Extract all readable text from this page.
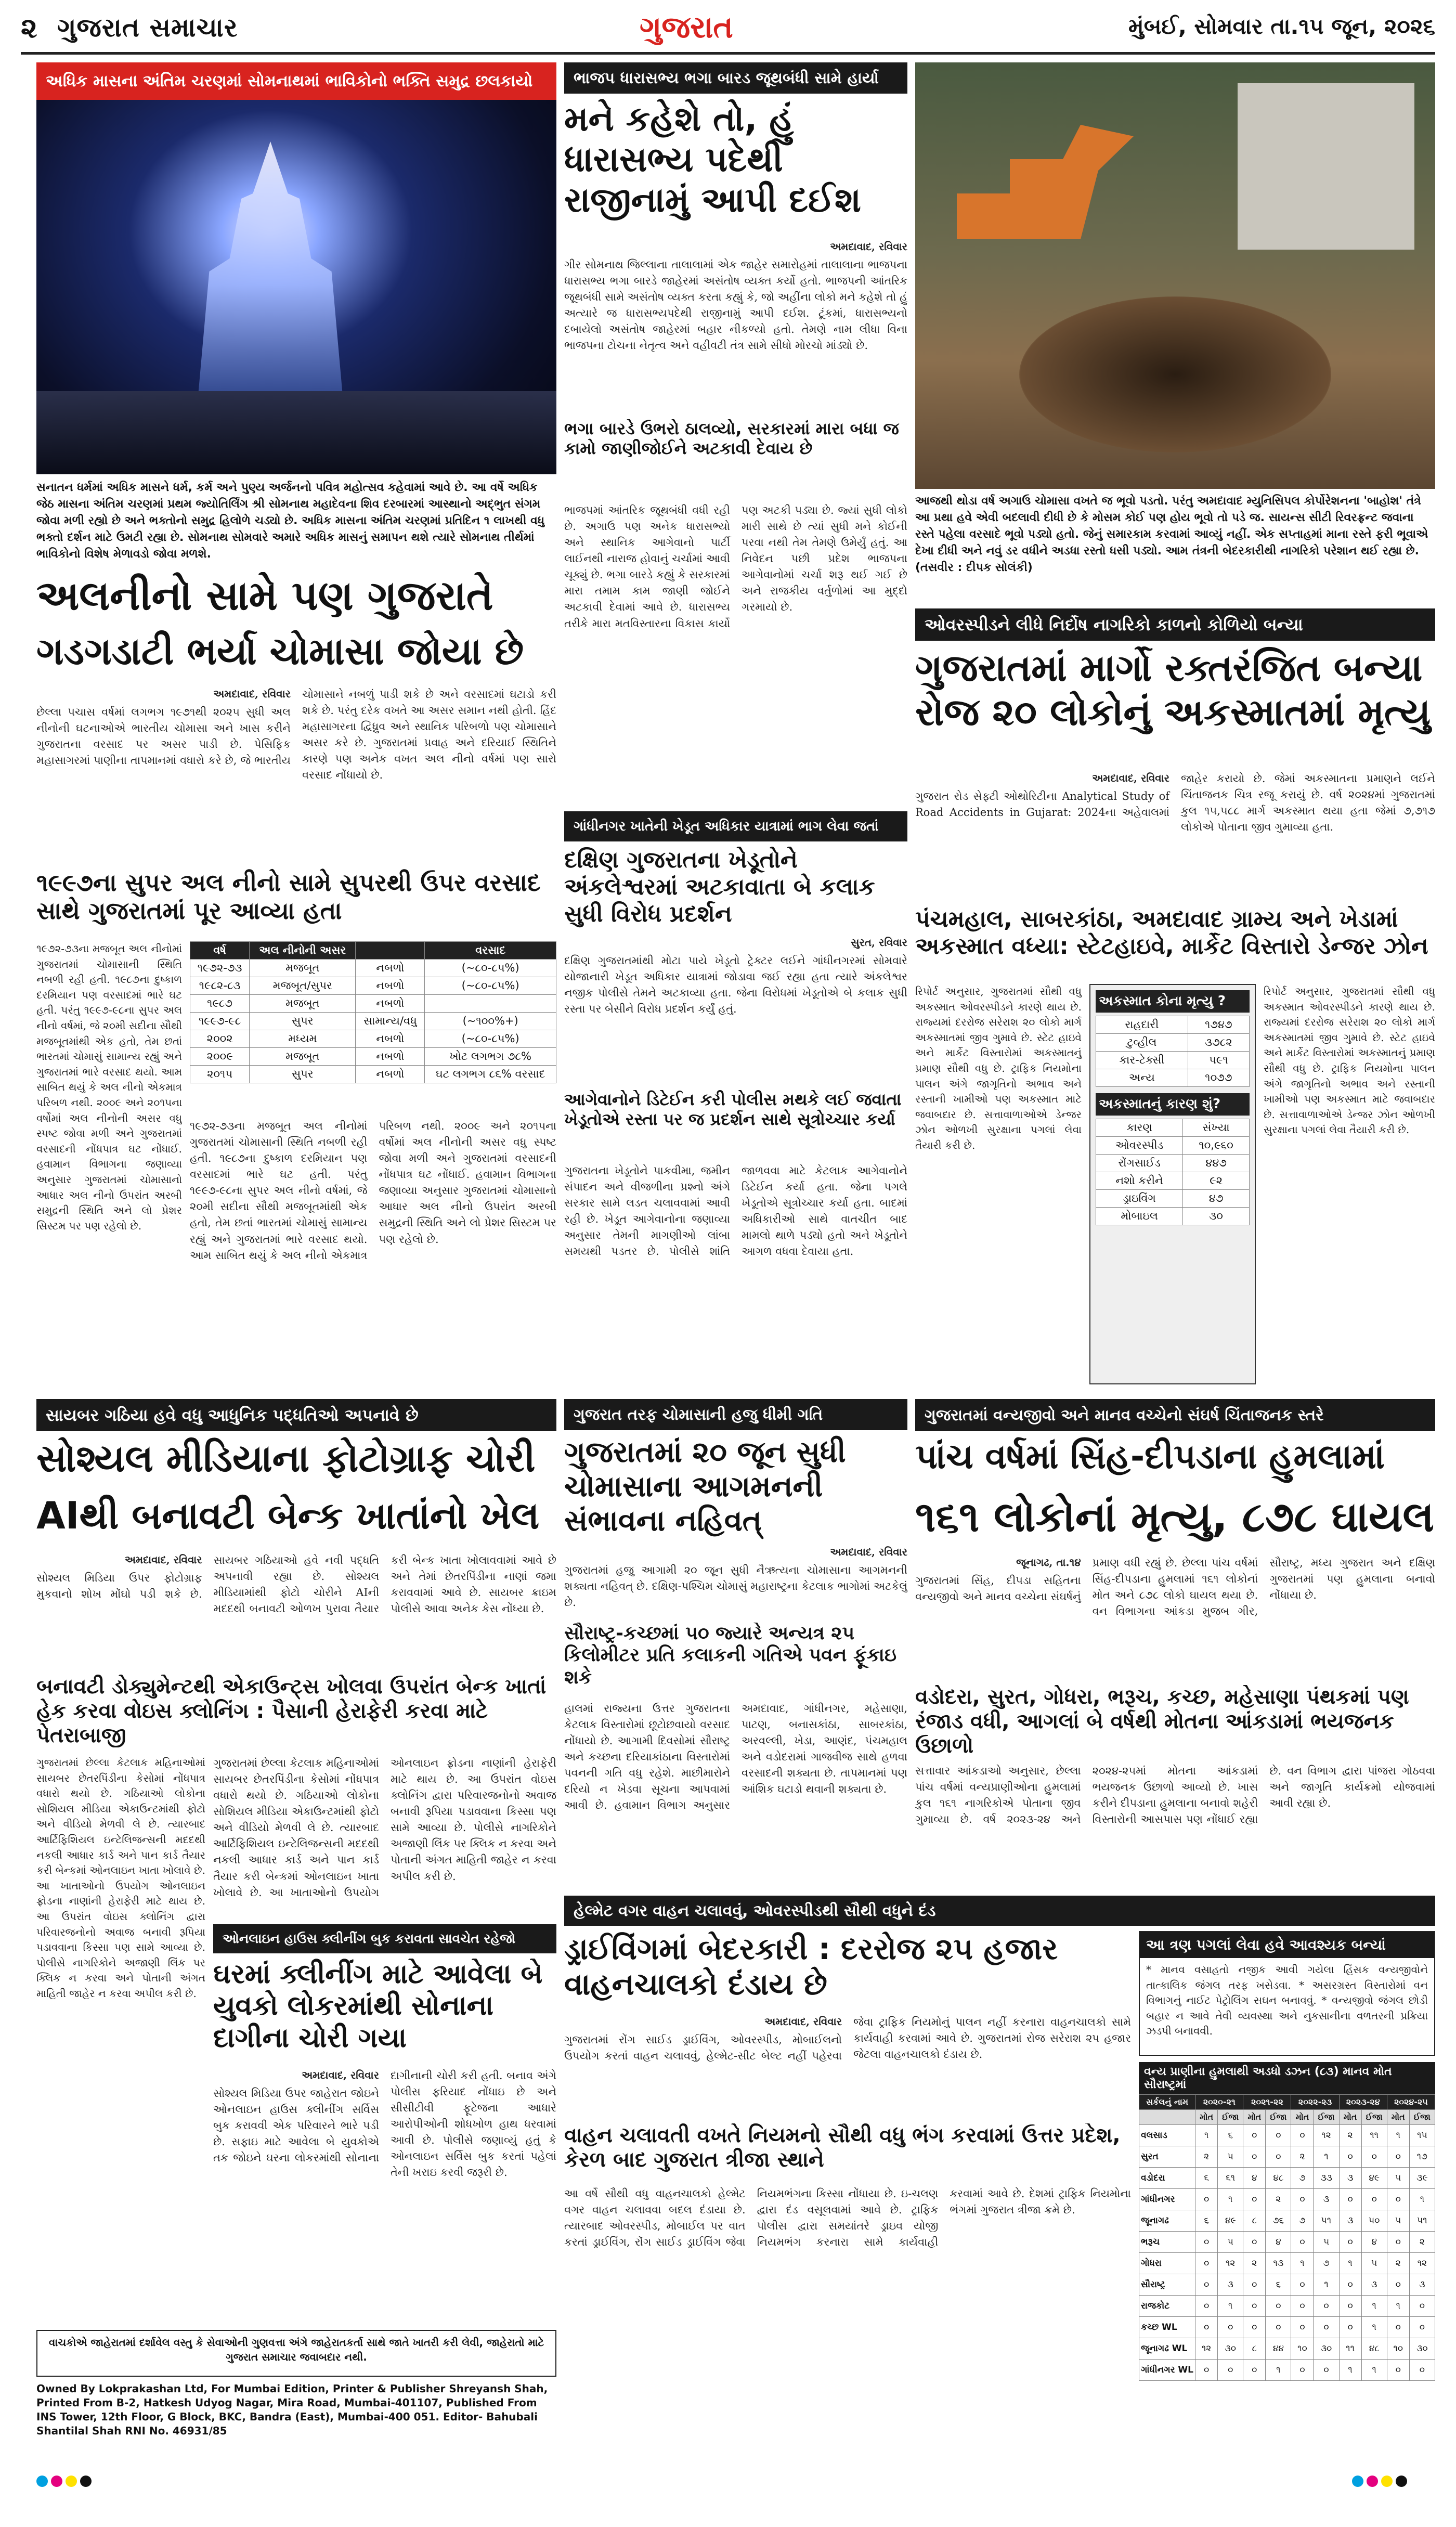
૨ ગુજરાત સમાચાર	ગુજરાત	મુંબઈ, સોમવાર તા.૧૫ જૂન, ૨૦૨૬
અધિક માસના અંતિમ ચરણમાં સોમનાથમાં ભાવિકોનો ભક્તિ સમુદ્ર છલકાયો
સનાતન ધર્મમાં અધિક માસને ધર્મ, કર્મ અને પુણ્ય અર્જનનો પવિત્ર મહોત્સવ કહેવામાં આવે છે. આ વર્ષે અધિક જેઠ માસના અંતિમ ચરણમાં પ્રથમ જ્યોતિર્લિંગ શ્રી સોમનાથ મહાદેવના શિવ દરબારમાં આસ્થાનો અદ્ભુત સંગમ જોવા મળી રહ્યો છે અને ભક્તોનો સમુદ્ર હિલોળે ચડ્યો છે. અધિક માસના અંતિમ ચરણમાં પ્રતિદિન ૧ લાખથી વધુ ભક્તો દર્શન માટે ઉમટી રહ્યા છે. સોમનાથ સોમવારે અમારે અધિક માસનું સમાપન થશે ત્યારે સોમનાથ તીર્થમાં ભાવિકોનો વિશેષ મેળાવડો જોવા મળશે.
ભાજપ ધારાસભ્ય ભગા બારડ જૂથબંધી સામે હાર્યા
મને કહેશે તો, હું ધારાસભ્ય પદેથી રાજીનામું આપી દઈશ
અમદાવાદ, રવિવાર
ગીર સોમનાથ જિલ્લાના તાલાલામાં એક જાહેર સમારોહમાં તાલાલાના ભાજપના ધારાસભ્ય ભગા બારડે જાહેરમાં અસંતોષ વ્યક્ત કર્યો હતો. ભાજપની આંતરિક જૂથબંધી સામે અસંતોષ વ્યક્ત કરતા કહ્યું કે, જો અહીંના લોકો મને કહેશે તો હું અત્યારે જ ધારાસભ્યપદેથી રાજીનામું આપી દઈશ. ટૂંકમાં, ધારાસભ્યનો દબાયેલો અસંતોષ જાહેરમાં બહાર નીકળ્યો હતો. તેમણે નામ લીધા વિના ભાજપના ટોચના નેતૃત્વ અને વહીવટી તંત્ર સામે સીધો મોરચો માંડ્યો છે.
ભગા બારડે ઉભરો ઠાલવ્યો, સરકારમાં મારા બધા જ કામો જાણીજોઈને અટકાવી દેવાય છે
ભાજપમાં આંતરિક જૂથબંધી વધી રહી છે. અગાઉ પણ અનેક ધારાસભ્યો અને સ્થાનિક આગેવાનો પાર્ટી લાઈનથી નારાજ હોવાનું ચર્ચામાં આવી ચૂક્યું છે. ભગા બારડે કહ્યું કે સરકારમાં મારા તમામ કામ જાણી જોઈને અટકાવી દેવામાં આવે છે. ધારાસભ્ય તરીકે મારા મતવિસ્તારના વિકાસ કાર્યો પણ અટકી પડ્યા છે. જ્યાં સુધી લોકો મારી સાથે છે ત્યાં સુધી મને કોઈની પરવા નથી તેમ તેમણે ઉમેર્યું હતું. આ નિવેદન પછી પ્રદેશ ભાજપના આગેવાનોમાં ચર્ચા શરૂ થઈ ગઈ છે અને રાજકીય વર્તુળોમાં આ મુદ્દો ગરમાયો છે.
આજથી થોડા વર્ષ અગાઉ ચોમાસા વખતે જ ભૂવો પડતો. પરંતુ અમદાવાદ મ્યુનિસિપલ કોર્પોરેશનના 'બાહોશ' તંત્રે આ પ્રથા હવે એવી બદલાવી દીધી છે કે મોસમ કોઈ પણ હોય ભૂવો તો પડે જ. સાયન્સ સીટી રિવરફ્રન્ટ જવાના રસ્તે પહેલા વરસાદે ભૂવો પડ્યો હતો. જેનું સમારકામ કરવામાં આવ્યું નહીં. એક સપ્તાહમાં માના રસ્તે ફરી ભૂવાએ દેખા દીધી અને નવું ડર વધીને અડધા રસ્તો ધસી પડ્યો. આમ તંત્રની બેદરકારીથી નાગરિકો પરેશાન થઈ રહ્યા છે. (તસવીર : દીપક સોલંકી)
અલનીનો સામે પણ ગુજરાતે
ગડગડાટી ભર્યા ચોમાસા જોયા છે
અમદાવાદ, રવિવાર
છેલ્લા પચાસ વર્ષમાં લગભગ ૧૯૭૧થી ૨૦૨૫ સુધી અલ નીનોની ઘટનાઓએ ભારતીય ચોમાસા અને ખાસ કરીને ગુજરાતના વરસાદ પર અસર પાડી છે. પેસિફિક મહાસાગરમાં પાણીના તાપમાનમાં વધારો કરે છે, જે ભારતીય ચોમાસાને નબળું પાડી શકે છે અને વરસાદમાં ઘટાડો કરી શકે છે. પરંતુ દરેક વખતે આ અસર સમાન નથી હોતી. હિંદ મહાસાગરના દ્વિધ્રુવ અને સ્થાનિક પરિબળો પણ ચોમાસાને અસર કરે છે. ગુજરાતમાં પ્રવાહ અને દરિયાઈ સ્થિતિને કારણે પણ અનેક વખત અલ નીનો વર્ષમાં પણ સારો વરસાદ નોંધાયો છે.
૧૯૯૭ના સુપર અલ નીનો સામે સુપરથી ઉપર વરસાદ સાથે ગુજરાતમાં પૂર આવ્યા હતા
૧૯૭૨-૭૩ના મજબૂત અલ નીનોમાં ગુજરાતમાં ચોમાસાની સ્થિતિ નબળી રહી હતી. ૧૯૮૭ના દુષ્કાળ દરમિયાન પણ વરસાદમાં ભારે ઘટ હતી. પરંતુ ૧૯૯૭-૯૮ના સુપર અલ નીનો વર્ષમાં, જે ૨૦મી સદીના સૌથી મજબૂતમાંથી એક હતો, તેમ છતાં ભારતમાં ચોમાસું સામાન્ય રહ્યું અને ગુજરાતમાં ભારે વરસાદ થયો. આમ સાબિત થયું કે અલ નીનો એકમાત્ર પરિબળ નથી. ૨૦૦૯ અને ૨૦૧૫ના વર્ષોમાં અલ નીનોની અસર વધુ સ્પષ્ટ જોવા મળી અને ગુજરાતમાં વરસાદની નોંધપાત્ર ઘટ નોંધાઈ. હવામાન વિભાગના જણાવ્યા અનુસાર ગુજરાતમાં ચોમાસાનો આધાર અલ નીનો ઉપરાંત અરબી સમુદ્રની સ્થિતિ અને લો પ્રેશર સિસ્ટમ પર પણ રહેલો છે.
વર્ષ	અલ નીનોની અસર		વરસાદ
૧૯૭૨-૭૩	મજબૂત	નબળો	(~૮૦-૮૫%)
૧૯૮૨-૮૩	મજબૂત/સુપર	નબળો	(~૮૦-૮૫%)
૧૯૮૭	મજબૂત	નબળો	
૧૯૯૭-૯૮	સુપર	સામાન્ય/વધુ	(~૧૦૦%+)
૨૦૦૨	મધ્યમ	નબળો	(~૮૦-૮૫%)
૨૦૦૯	મજબૂત	નબળો	ખોટ લગભગ ૭૮%
૨૦૧૫	સુપર	નબળો	ઘટ લગભગ ૮૬% વરસાદ
૧૯૭૨-૭૩ના મજબૂત અલ નીનોમાં ગુજરાતમાં ચોમાસાની સ્થિતિ નબળી રહી હતી. ૧૯૮૭ના દુષ્કાળ દરમિયાન પણ વરસાદમાં ભારે ઘટ હતી. પરંતુ ૧૯૯૭-૯૮ના સુપર અલ નીનો વર્ષમાં, જે ૨૦મી સદીના સૌથી મજબૂતમાંથી એક હતો, તેમ છતાં ભારતમાં ચોમાસું સામાન્ય રહ્યું અને ગુજરાતમાં ભારે વરસાદ થયો. આમ સાબિત થયું કે અલ નીનો એકમાત્ર પરિબળ નથી. ૨૦૦૯ અને ૨૦૧૫ના વર્ષોમાં અલ નીનોની અસર વધુ સ્પષ્ટ જોવા મળી અને ગુજરાતમાં વરસાદની નોંધપાત્ર ઘટ નોંધાઈ. હવામાન વિભાગના જણાવ્યા અનુસાર ગુજરાતમાં ચોમાસાનો આધાર અલ નીનો ઉપરાંત અરબી સમુદ્રની સ્થિતિ અને લો પ્રેશર સિસ્ટમ પર પણ રહેલો છે.
સાયબર ગઠિયા હવે વધુ આધુનિક પદ્ધતિઓ અપનાવે છે
સોશ્યલ મીડિયાના ફોટોગ્રાફ ચોરી
AIથી બનાવટી બેન્ક ખાતાંનો ખેલ
અમદાવાદ, રવિવાર
સોશ્યલ મિડિયા ઉપર ફોટોગ્રાફ મુકવાનો શોખ મોંઘો પડી શકે છે. સાયબર ગઠિયાઓ હવે નવી પદ્ધતિ અપનાવી રહ્યા છે. સોશ્યલ મીડિયામાંથી ફોટો ચોરીને AIની મદદથી બનાવટી ઓળખ પુરાવા તૈયાર કરી બેન્ક ખાતા ખોલાવવામાં આવે છે અને તેમાં છેતરપિંડીના નાણાં જમા કરાવવામાં આવે છે. સાયબર ક્રાઇમ પોલીસે આવા અનેક કેસ નોંધ્યા છે.
બનાવટી ડોક્યુમેન્ટથી એકાઉન્ટ્સ ખોલવા ઉપરાંત બેન્ક ખાતાં હેક કરવા વોઇસ ક્લોનિંગ : પૈસાની હેરાફેરી કરવા માટે પેતરાબાજી
ગુજરાતમાં છેલ્લા કેટલાક મહિનાઓમાં સાયબર છેતરપિંડીના કેસોમાં નોંધપાત્ર વધારો થયો છે. ગઠિયાઓ લોકોના સોશિયલ મીડિયા એકાઉન્ટમાંથી ફોટો અને વીડિયો મેળવી લે છે. ત્યારબાદ આર્ટિફિશિયલ ઇન્ટેલિજન્સની મદદથી નકલી આધાર કાર્ડ અને પાન કાર્ડ તૈયાર કરી બેન્કમાં ઓનલાઇન ખાતા ખોલાવે છે. આ ખાતાઓનો ઉપયોગ ઓનલાઇન ફ્રોડના નાણાંની હેરાફેરી માટે થાય છે. આ ઉપરાંત વોઇસ ક્લોનિંગ દ્વારા પરિવારજનોનો અવાજ બનાવી રૂપિયા પડાવવાના કિસ્સા પણ સામે આવ્યા છે. પોલીસે નાગરિકોને અજાણી લિંક પર ક્લિક ન કરવા અને પોતાની અંગત માહિતી જાહેર ન કરવા અપીલ કરી છે.
ગુજરાતમાં છેલ્લા કેટલાક મહિનાઓમાં સાયબર છેતરપિંડીના કેસોમાં નોંધપાત્ર વધારો થયો છે. ગઠિયાઓ લોકોના સોશિયલ મીડિયા એકાઉન્ટમાંથી ફોટો અને વીડિયો મેળવી લે છે. ત્યારબાદ આર્ટિફિશિયલ ઇન્ટેલિજન્સની મદદથી નકલી આધાર કાર્ડ અને પાન કાર્ડ તૈયાર કરી બેન્કમાં ઓનલાઇન ખાતા ખોલાવે છે. આ ખાતાઓનો ઉપયોગ ઓનલાઇન ફ્રોડના નાણાંની હેરાફેરી માટે થાય છે. આ ઉપરાંત વોઇસ ક્લોનિંગ દ્વારા પરિવારજનોનો અવાજ બનાવી રૂપિયા પડાવવાના કિસ્સા પણ સામે આવ્યા છે. પોલીસે નાગરિકોને અજાણી લિંક પર ક્લિક ન કરવા અને પોતાની અંગત માહિતી જાહેર ન કરવા અપીલ કરી છે.
ઓનલાઇન હાઉસ ક્લીનીંગ બુક કરાવતા સાવચેત રહેજો
ઘરમાં ક્લીનીંગ માટે આવેલા બે યુવકો લોકરમાંથી સોનાના દાગીના ચોરી ગયા
અમદાવાદ, રવિવાર
સોશ્યલ મિડિયા ઉપર જાહેરાત જોઇને ઓનલાઇન હાઉસ ક્લીનીંગ સર્વિસ બુક કરાવવી એક પરિવારને ભારે પડી છે. સફાઇ માટે આવેલા બે યુવકોએ તક જોઇને ઘરના લોકરમાંથી સોનાના દાગીનાની ચોરી કરી હતી. બનાવ અંગે પોલીસ ફરિયાદ નોંધાઇ છે અને સીસીટીવી ફૂટેજના આધારે આરોપીઓની શોધખોળ હાથ ધરવામાં આવી છે. પોલીસે જણાવ્યું હતું કે ઓનલાઇન સર્વિસ બુક કરતાં પહેલાં તેની ખરાઇ કરવી જરૂરી છે.
વાચકોએ જાહેરાતમાં દર્શાવેલ વસ્તુ કે સેવાઓની ગુણવત્તા અંગે જાહેરાતકર્તા સાથે જાતે ખાતરી કરી લેવી, જાહેરાતો માટે ગુજરાત સમાચાર જવાબદાર નથી.
Owned By Lokprakashan Ltd, For Mumbai Edition, Printer & Publisher Shreyansh Shah, Printed From B-2, Hatkesh Udyog Nagar, Mira Road, Mumbai-401107, Published From INS Tower, 12th Floor, G Block, BKC, Bandra (East), Mumbai-400 051. Editor- Bahubali Shantilal Shah RNI No. 46931/85
ગાંધીનગર ખાતેની ખેડૂત અધિકાર યાત્રામાં ભાગ લેવા જતાં
દક્ષિણ ગુજરાતના ખેડૂતોને અંકલેશ્વરમાં અટકાવાતા બે કલાક સુધી વિરોધ પ્રદર્શન
સુરત, રવિવાર
દક્ષિણ ગુજરાતમાંથી મોટા પાયે ખેડૂતો ટ્રેક્ટર લઈને ગાંધીનગરમાં સોમવારે યોજાનારી ખેડૂત અધિકાર યાત્રામાં જોડાવા જઈ રહ્યા હતા ત્યારે અંકલેશ્વર નજીક પોલીસે તેમને અટકાવ્યા હતા. જેના વિરોધમાં ખેડૂતોએ બે કલાક સુધી રસ્તા પર બેસીને વિરોધ પ્રદર્શન કર્યું હતું.
આગેવાનોને ડિટેઈન કરી પોલીસ મથકે લઈ જવાતા ખેડૂતોએ રસ્તા પર જ પ્રદર્શન સાથે સૂત્રોચ્ચાર કર્યા
ગુજરાતના ખેડૂતોને પાકવીમા, જમીન સંપાદન અને વીજળીના પ્રશ્નો અંગે સરકાર સામે લડત ચલાવવામાં આવી રહી છે. ખેડૂત આગેવાનોના જણાવ્યા અનુસાર તેમની માગણીઓ લાંબા સમયથી પડતર છે. પોલીસે શાંતિ જાળવવા માટે કેટલાક આગેવાનોને ડિટેઈન કર્યા હતા. જેના પગલે ખેડૂતોએ સૂત્રોચ્ચાર કર્યા હતા. બાદમાં અધિકારીઓ સાથે વાતચીત બાદ મામલો થાળે પડ્યો હતો અને ખેડૂતોને આગળ વધવા દેવાયા હતા.
ગુજરાત તરફ ચોમાસાની હજુ ધીમી ગતિ
ગુજરાતમાં ૨૦ જૂન સુધી ચોમાસાના આગમનની સંભાવના નહિવત્
અમદાવાદ, રવિવાર
ગુજરાતમાં હજુ આગામી ૨૦ જૂન સુધી નૈઋત્યના ચોમાસાના આગમનની શક્યતા નહિવત્ છે. દક્ષિણ-પશ્ચિમ ચોમાસું મહારાષ્ટ્રના કેટલાક ભાગોમાં અટકેલું છે.
સૌરાષ્ટ્ર-કચ્છમાં ૫૦ જ્યારે અન્યત્ર ૨૫ કિલોમીટર પ્રતિ કલાકની ગતિએ પવન ફૂંકાઇ શકે
હાલમાં રાજ્યના ઉત્તર ગુજરાતના કેટલાક વિસ્તારોમાં છૂટોછવાયો વરસાદ નોંધાયો છે. આગામી દિવસોમાં સૌરાષ્ટ્ર અને કચ્છના દરિયાકાંઠાના વિસ્તારોમાં પવનની ગતિ વધુ રહેશે. માછીમારોને દરિયો ન ખેડવા સૂચના આપવામાં આવી છે. હવામાન વિભાગ અનુસાર અમદાવાદ, ગાંધીનગર, મહેસાણા, પાટણ, બનાસકાંઠા, સાબરકાંઠા, અરવલ્લી, ખેડા, આણંદ, પંચમહાલ અને વડોદરામાં ગાજવીજ સાથે હળવા વરસાદની શક્યતા છે. તાપમાનમાં પણ આંશિક ઘટાડો થવાની શક્યતા છે.
હેલ્મેટ વગર વાહન ચલાવવું, ઓવરસ્પીડથી સૌથી વધુને દંડ
ડ્રાઈવિંગમાં બેદરકારી : દરરોજ ૨૫ હજાર વાહનચાલકો દંડાય છે
અમદાવાદ, રવિવાર
ગુજરાતમાં રોંગ સાઈડ ડ્રાઈવિંગ, ઓવરસ્પીડ, મોબાઈલનો ઉપયોગ કરતાં વાહન ચલાવવું, હેલ્મેટ-સીટ બેલ્ટ નહીં પહેરવા જેવા ટ્રાફિક નિયમોનું પાલન નહીં કરનારા વાહનચાલકો સામે કાર્યવાહી કરવામાં આવે છે. ગુજરાતમાં રોજ સરેરાશ ૨૫ હજાર જેટલા વાહનચાલકો દંડાય છે.
વાહન ચલાવતી વખતે નિયમનો સૌથી વધુ ભંગ કરવામાં ઉત્તર પ્રદેશ, કેરળ બાદ ગુજરાત ત્રીજા સ્થાને
આ વર્ષે સૌથી વધુ વાહનચાલકો હેલ્મેટ વગર વાહન ચલાવવા બદલ દંડાયા છે. ત્યારબાદ ઓવરસ્પીડ, મોબાઈલ પર વાત કરતાં ડ્રાઈવિંગ, રોંગ સાઈડ ડ્રાઈવિંગ જેવા નિયમભંગના કિસ્સા નોંધાયા છે. ઇ-ચલણ દ્વારા દંડ વસૂલવામાં આવે છે. ટ્રાફિક પોલીસ દ્વારા સમયાંતરે ડ્રાઇવ યોજી નિયમભંગ કરનારા સામે કાર્યવાહી કરવામાં આવે છે. દેશમાં ટ્રાફિક નિયમોના ભંગમાં ગુજરાત ત્રીજા ક્રમે છે.
ઓવરસ્પીડને લીધે નિર્દોષ નાગરિકો કાળનો કોળિયો બન્યા
ગુજરાતમાં માર્ગો રક્તરંજિત બન્યા રોજ ૨૦ લોકોનું અકસ્માતમાં મૃત્યુ
અમદાવાદ, રવિવાર
ગુજરાત રોડ સેફ્ટી ઓથોરિટીના Analytical Study of Road Accidents in Gujarat: 2024ના અહેવાલમાં જાહેર કરાયો છે. જેમાં અકસ્માતના પ્રમાણને લઈને ચિંતાજનક ચિત્ર રજૂ કરાયું છે. વર્ષ ૨૦૨૪માં ગુજરાતમાં કુલ ૧૫,૫૮૮ માર્ગ અકસ્માત થયા હતા જેમાં ૭,૭૧૭ લોકોએ પોતાના જીવ ગુમાવ્યા હતા.
પંચમહાલ, સાબરકાંઠા, અમદાવાદ ગ્રામ્ય અને ખેડામાં અકસ્માત વધ્યા: સ્ટેટહાઇવે, માર્કેટ વિસ્તારો ડેન્જર ઝોન
રિપોર્ટ અનુસાર, ગુજરાતમાં સૌથી વધુ અકસ્માત ઓવરસ્પીડને કારણે થાય છે. રાજ્યમાં દરરોજ સરેરાશ ૨૦ લોકો માર્ગ અકસ્માતમાં જીવ ગુમાવે છે. સ્ટેટ હાઇવે અને માર્કેટ વિસ્તારોમાં અકસ્માતનું પ્રમાણ સૌથી વધુ છે. ટ્રાફિક નિયમોના પાલન અંગે જાગૃતિનો અભાવ અને રસ્તાની ખામીઓ પણ અકસ્માત માટે જવાબદાર છે. સત્તાવાળાઓએ ડેન્જર ઝોન ઓળખી સુરક્ષાના પગલાં લેવા તૈયારી કરી છે.
અકસ્માત કોના મૃત્યુ ?
રાહદારી	૧૭૪૭
ટુવ્હીલ	૩૭૮૨
કાર-ટેક્સી	૫૯૧
અન્ય	૧૦૭૭
અકસ્માતનું કારણ શું?
કારણ	સંખ્યા
ઓવરસ્પીડ	૧૦,૯૬૦
રોંગસાઈડ	૪૪૭
નશો કરીને	૯૨
ડ્રાઇવિંગ	૪૭
મોબાઇલ	૩૦
રિપોર્ટ અનુસાર, ગુજરાતમાં સૌથી વધુ અકસ્માત ઓવરસ્પીડને કારણે થાય છે. રાજ્યમાં દરરોજ સરેરાશ ૨૦ લોકો માર્ગ અકસ્માતમાં જીવ ગુમાવે છે. સ્ટેટ હાઇવે અને માર્કેટ વિસ્તારોમાં અકસ્માતનું પ્રમાણ સૌથી વધુ છે. ટ્રાફિક નિયમોના પાલન અંગે જાગૃતિનો અભાવ અને રસ્તાની ખામીઓ પણ અકસ્માત માટે જવાબદાર છે. સત્તાવાળાઓએ ડેન્જર ઝોન ઓળખી સુરક્ષાના પગલાં લેવા તૈયારી કરી છે.
ગુજરાતમાં વન્યજીવો અને માનવ વચ્ચેનો સંઘર્ષ ચિંતાજનક સ્તરે
પાંચ વર્ષમાં સિંહ-દીપડાના હુમલામાં
૧૬૧ લોકોનાં મૃત્યુ, ૮૭૮ ઘાયલ
જૂનાગઢ, તા.૧૪
ગુજરાતમાં સિંહ, દીપડા સહિતના વન્યજીવો અને માનવ વચ્ચેના સંઘર્ષનું પ્રમાણ વધી રહ્યું છે. છેલ્લા પાંચ વર્ષમાં સિંહ-દીપડાના હુમલામાં ૧૬૧ લોકોનાં મોત અને ૮૭૮ લોકો ઘાયલ થયા છે. વન વિભાગના આંકડા મુજબ ગીર, સૌરાષ્ટ્ર, મધ્ય ગુજરાત અને દક્ષિણ ગુજરાતમાં પણ હુમલાના બનાવો નોંધાયા છે.
વડોદરા, સુરત, ગોધરા, ભરૂચ, કચ્છ, મહેસાણા પંથકમાં પણ રંજાડ વધી, આગલાં બે વર્ષથી મોતના આંકડામાં ભયજનક ઉછાળો
સત્તાવાર આંકડાઓ અનુસાર, છેલ્લા પાંચ વર્ષમાં વન્યપ્રાણીઓના હુમલામાં કુલ ૧૬૧ નાગરિકોએ પોતાના જીવ ગુમાવ્યા છે. વર્ષ ૨૦૨૩-૨૪ અને ૨૦૨૪-૨૫માં મોતના આંકડામાં ભયજનક ઉછાળો આવ્યો છે. ખાસ કરીને દીપડાના હુમલાના બનાવો શહેરી વિસ્તારોની આસપાસ પણ નોંધાઈ રહ્યા છે. વન વિભાગ દ્વારા પાંજરા ગોઠવવા અને જાગૃતિ કાર્યક્રમો યોજવામાં આવી રહ્યા છે.
આ ત્રણ પગલાં લેવા હવે આવશ્યક બન્યાં
* માનવ વસાહતો નજીક આવી ગયેલા હિંસક વન્યજીવોને તાત્કાલિક જંગલ તરફ ખસેડવા. * અસરગ્રસ્ત વિસ્તારોમાં વન વિભાગનું નાઈટ પેટ્રોલિંગ સઘન બનાવવું. * વન્યજીવો જંગલ છોડી બહાર ન આવે તેવી વ્યવસ્થા અને નુકસાનીના વળતરની પ્રક્રિયા ઝડપી બનાવવી.
વન્ય પ્રાણીના હુમલાથી અડધો ડઝન (૮૩) માનવ મોત સૌરાષ્ટ્રમાં
સર્કલનું નામ	૨૦૨૦-૨૧		૨૦૨૧-૨૨		૨૦૨૨-૨૩		૨૦૨૩-૨૪		૨૦૨૪-૨૫	
	મોત	ઈજા	મોત	ઈજા	મોત	ઈજા	મોત	ઈજા	મોત	ઈજા
વલસાડ	૧	૬	૦	૦	૦	૧૨	૨	૧૧	૧	૧૫
સુરત	૨	૫	૦	૦	૨	૧	૦	૦	૦	૧૭
વડોદરા	૬	૬૧	૪	૪૮	૭	૩૩	૩	૪૯	૫	૩૯
ગાંધીનગર	૦	૧	૦	૨	૦	૩	૦	૦	૦	૧
જૂનાગઢ	૬	૪૯	૮	૭૬	૭	૫૧	૩	૫૦	૫	૫૧
ભરૂચ	૦	૫	૦	૪	૦	૫	૦	૪	૦	૨
ગોધરા	૦	૧૨	૨	૧૩	૧	૭	૧	૫	૨	૧૨
સૌરાષ્ટ્ર	૦	૩	૦	૬	૦	૧	૦	૩	૦	૩
રાજકોટ	૦	૧	૦	૦	૦	૦	૦	૧	૧	૦
કચ્છ WL	૦	૦	૦	૦	૦	૦	૦	૧	૦	૦
જૂનાગઢ WL	૧૨	૩૦	૮	૪૪	૧૦	૩૦	૧૧	૪૮	૧૦	૩૦
ગાંધીનગર WL	૦	૦	૦	૧	૦	૦	૧	૧	૦	૦
